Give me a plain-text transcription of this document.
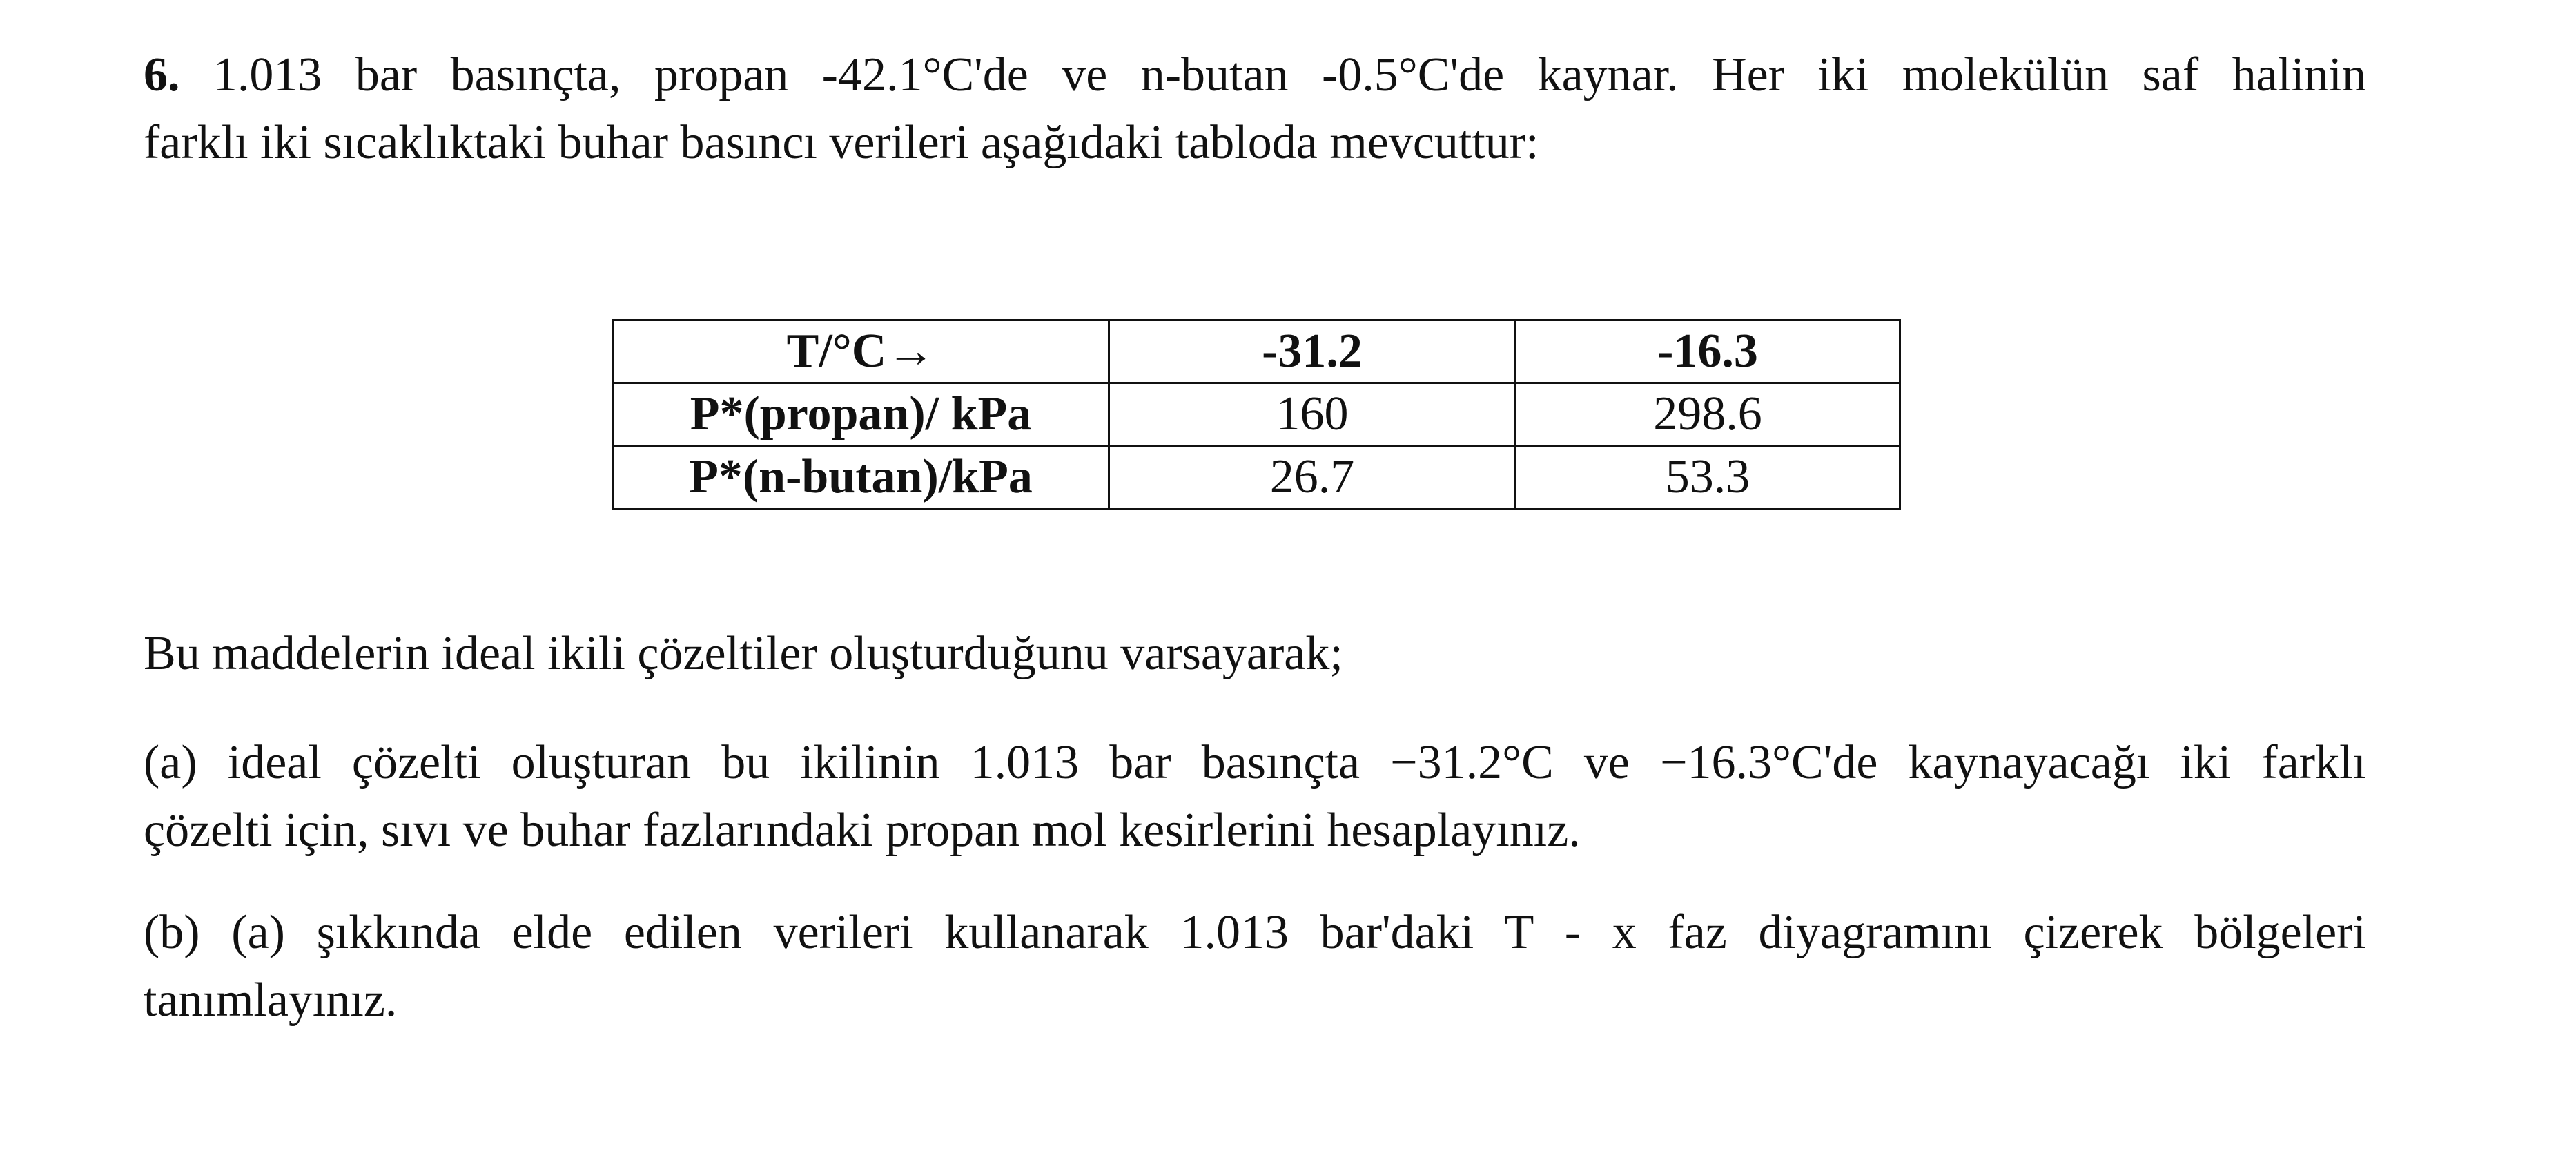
6. 1.013 bar basınçta, propan -42.1°C'de ve n-butan -0.5°C'de kaynar. Her iki molekülün saf halinin
farklı iki sıcaklıktaki buhar basıncı verileri aşağıdaki tabloda mevcuttur:
T/°C→	-31.2	-16.3
P*(propan)/ kPa	160	298.6
P*(n-butan)/kPa	26.7	53.3
Bu maddelerin ideal ikili çözeltiler oluşturduğunu varsayarak;
(a) ideal çözelti oluşturan bu ikilinin 1.013 bar basınçta −31.2°C ve −16.3°C'de kaynayacağı iki farklı
çözelti için, sıvı ve buhar fazlarındaki propan mol kesirlerini hesaplayınız.
(b) (a) şıkkında elde edilen verileri kullanarak 1.013 bar'daki T - x faz diyagramını çizerek bölgeleri
tanımlayınız.
